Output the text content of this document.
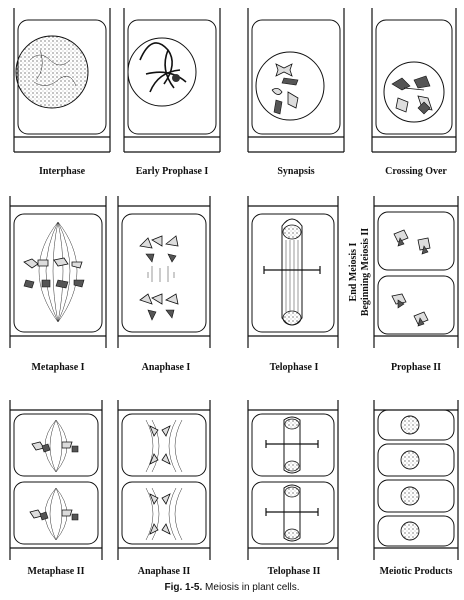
Interphase	Early Prophase I	Synapsis	Crossing Over
End Meiosis I Beginning Meiosis II
Metaphase I	Anaphase I	Telophase I	Prophase II
Metaphase II	Anaphase II	Telophase II	Meiotic Products
Fig. 1-5. Meiosis in plant cells.
